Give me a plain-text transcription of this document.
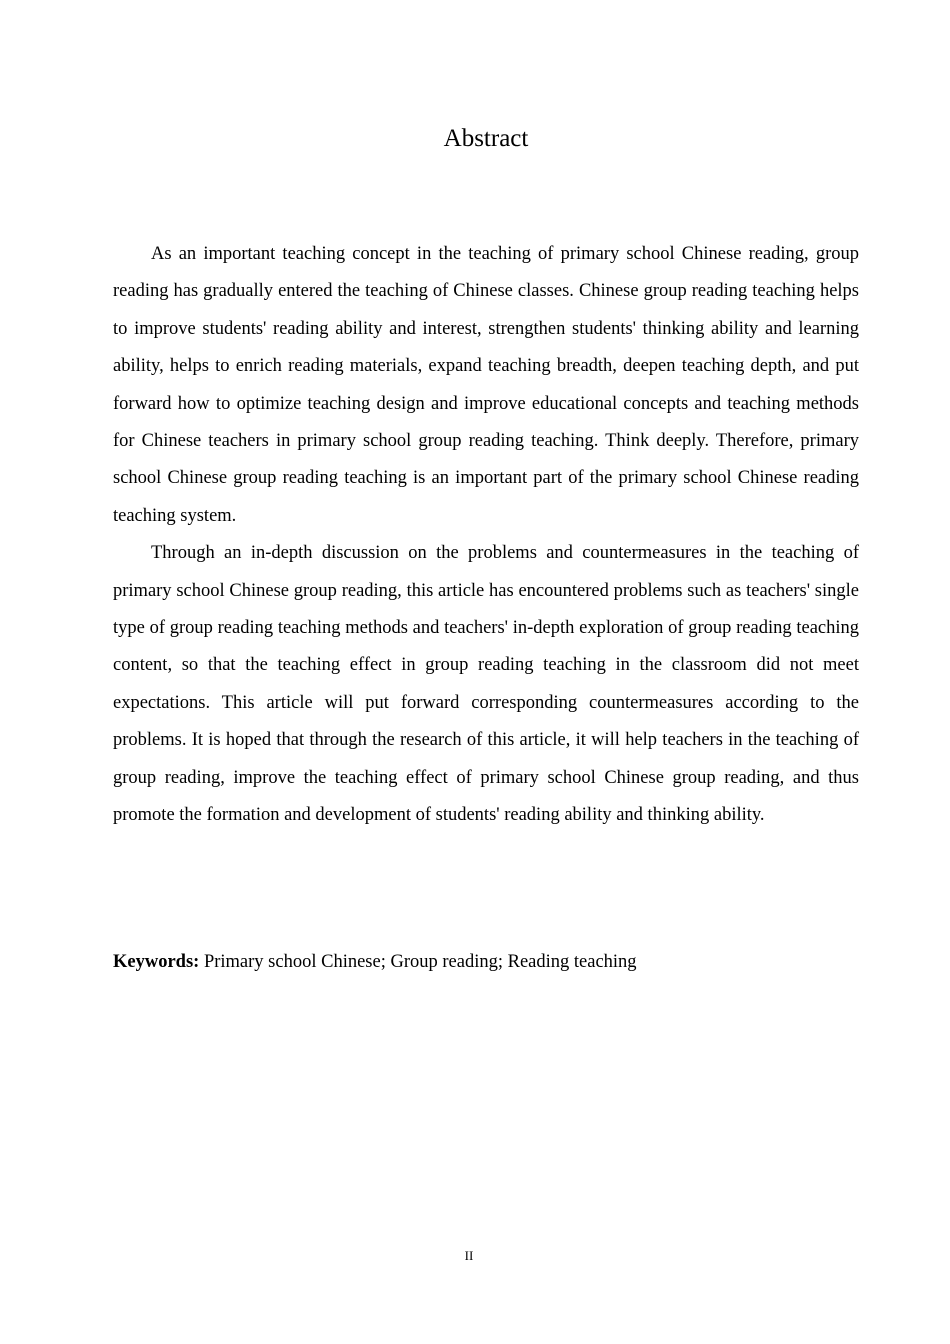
Abstract

As an important teaching concept in the teaching of primary school Chinese reading, group reading has gradually entered the teaching of Chinese classes. Chinese group reading teaching helps to improve students' reading ability and interest, strengthen students' thinking ability and learning ability, helps to enrich reading materials, expand teaching breadth, deepen teaching depth, and put forward how to optimize teaching design and improve educational concepts and teaching methods for Chinese teachers in primary school group reading teaching. Think deeply. Therefore, primary school Chinese group reading teaching is an important part of the primary school Chinese reading teaching system.

Through an in-depth discussion on the problems and countermeasures in the teaching of primary school Chinese group reading, this article has encountered problems such as teachers' single type of group reading teaching methods and teachers' in-depth exploration of group reading teaching content, so that the teaching effect in group reading teaching in the classroom did not meet expectations. This article will put forward corresponding countermeasures according to the problems. It is hoped that through the research of this article, it will help teachers in the teaching of group reading, improve the teaching effect of primary school Chinese group reading, and thus promote the formation and development of students' reading ability and thinking ability.

Keywords: Primary school Chinese; Group reading; Reading teaching

II
